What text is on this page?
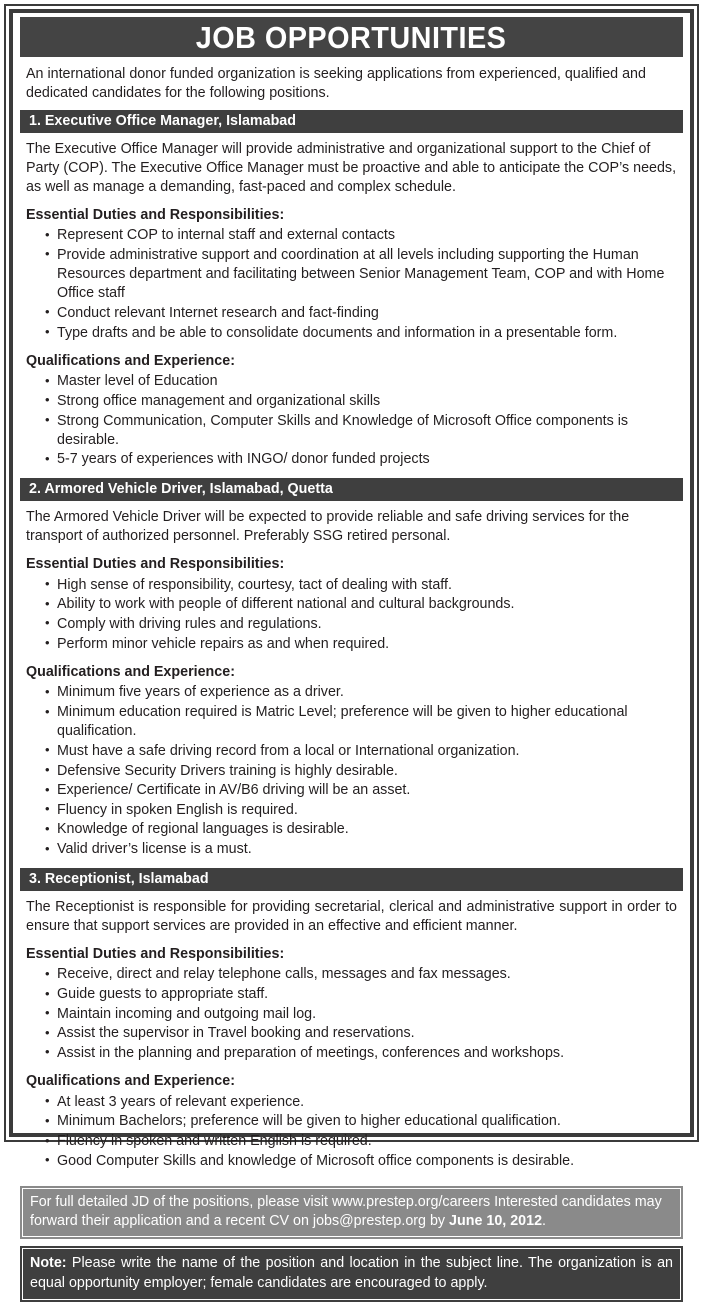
JOB OPPORTUNITIES
An international donor funded organization is seeking applications from experienced, qualified and dedicated candidates for the following positions.
1. Executive Office Manager, Islamabad

The Executive Office Manager will provide administrative and organizational support to the Chief of Party (COP). The Executive Office Manager must be proactive and able to anticipate the COP’s needs, as well as manage a demanding, fast-paced and complex schedule.

Essential Duties and Responsibilities:
• Represent COP to internal staff and external contacts
• Provide administrative support and coordination at all levels including supporting the Human Resources department and facilitating between Senior Management Team, COP and with Home Office staff
• Conduct relevant Internet research and fact-finding
• Type drafts and be able to consolidate documents and information in a presentable form.
Qualifications and Experience:
• Master level of Education
• Strong office management and organizational skills
• Strong Communication, Computer Skills and Knowledge of Microsoft Office components is desirable.
• 5-7 years of experiences with INGO/ donor funded projects
2. Armored Vehicle Driver, Islamabad, Quetta

The Armored Vehicle Driver will be expected to provide reliable and safe driving services for the transport of authorized personnel. Preferably SSG retired personal.

Essential Duties and Responsibilities:
• High sense of responsibility, courtesy, tact of dealing with staff.
• Ability to work with people of different national and cultural backgrounds.
• Comply with driving rules and regulations.
• Perform minor vehicle repairs as and when required.
Qualifications and Experience:
• Minimum five years of experience as a driver.
• Minimum education required is Matric Level; preference will be given to higher educational qualification.
• Must have a safe driving record from a local or International organization.
• Defensive Security Drivers training is highly desirable.
• Experience/ Certificate in AV/B6 driving will be an asset.
• Fluency in spoken English is required.
• Knowledge of regional languages is desirable.
• Valid driver’s license is a must.
3. Receptionist, Islamabad

The Receptionist is responsible for providing secretarial, clerical and administrative support in order to ensure that support services are provided in an effective and efficient manner.

Essential Duties and Responsibilities:
• Receive, direct and relay telephone calls, messages and fax messages.
• Guide guests to appropriate staff.
• Maintain incoming and outgoing mail log.
• Assist the supervisor in Travel booking and reservations.
• Assist in the planning and preparation of meetings, conferences and workshops.
Qualifications and Experience:
• At least 3 years of relevant experience.
• Minimum Bachelors; preference will be given to higher educational qualification.
• Fluency in spoken and written English is required.
• Good Computer Skills and knowledge of Microsoft office components is desirable.
For full detailed JD of the positions, please visit www.prestep.org/careers Interested candidates may forward their application and a recent CV on jobs@prestep.org by June 10, 2012.
Note: Please write the name of the position and location in the subject line. The organization is an equal opportunity employer; female candidates are encouraged to apply.
